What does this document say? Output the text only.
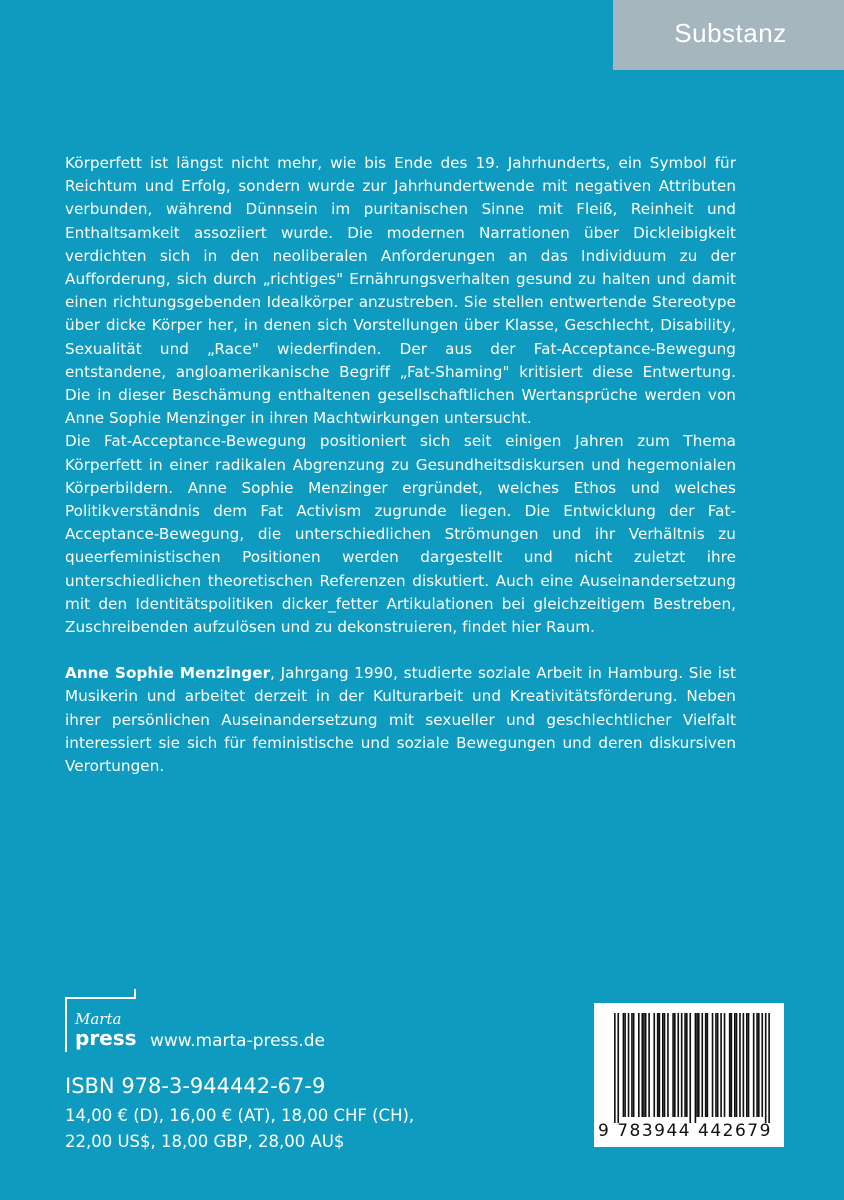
Substanz

Körperfett ist längst nicht mehr, wie bis Ende des 19. Jahrhunderts, ein Symbol für Reichtum und Erfolg, sondern wurde zur Jahrhundertwende mit negativen Attributen verbunden, während Dünnsein im puritanischen Sinne mit Fleiß, Reinheit und Enthaltsamkeit assoziiert wurde. Die modernen Narrationen über Dickleibigkeit verdichten sich in den neoliberalen Anforderungen an das Individuum zu der Aufforderung, sich durch „richtiges" Ernährungsverhalten gesund zu halten und damit einen richtungsgebenden Idealkörper anzustreben. Sie stellen entwertende Stereotype über dicke Körper her, in denen sich Vorstellungen über Klasse, Geschlecht, Disability, Sexualität und „Race" wiederfinden. Der aus der Fat-Acceptance-Bewegung entstandene, angloamerikanische Begriff „Fat-Shaming" kritisiert diese Entwertung. Die in dieser Beschämung enthaltenen gesellschaftlichen Wertansprüche werden von Anne Sophie Menzinger in ihren Machtwirkungen untersucht.

Die Fat-Acceptance-Bewegung positioniert sich seit einigen Jahren zum Thema Körperfett in einer radikalen Abgrenzung zu Gesundheitsdiskursen und hegemonialen Körperbildern. Anne Sophie Menzinger ergründet, welches Ethos und welches Politikverständnis dem Fat Activism zugrunde liegen. Die Entwicklung der Fat-Acceptance-Bewegung, die unterschiedlichen Strömungen und ihr Verhältnis zu queerfeministischen Positionen werden dargestellt und nicht zuletzt ihre unterschiedlichen theoretischen Referenzen diskutiert. Auch eine Auseinandersetzung mit den Identitätspolitiken dicker_fetter Artikulationen bei gleichzeitigem Bestreben, Zuschreibenden aufzulösen und zu dekonstruieren, findet hier Raum.

Anne Sophie Menzinger, Jahrgang 1990, studierte soziale Arbeit in Hamburg. Sie ist Musikerin und arbeitet derzeit in der Kulturarbeit und Kreativitätsförderung. Neben ihrer persönlichen Auseinandersetzung mit sexueller und geschlechtlicher Vielfalt interessiert sie sich für feministische und soziale Bewegungen und deren diskursiven Verortungen.

Marta
press www.marta-press.de
ISBN 978-3-944442-67-9
14,00 € (D), 16,00 € (AT), 18,00 CHF (CH),
22,00 US$, 18,00 GBP, 28,00 AU$
9 783944 442679
